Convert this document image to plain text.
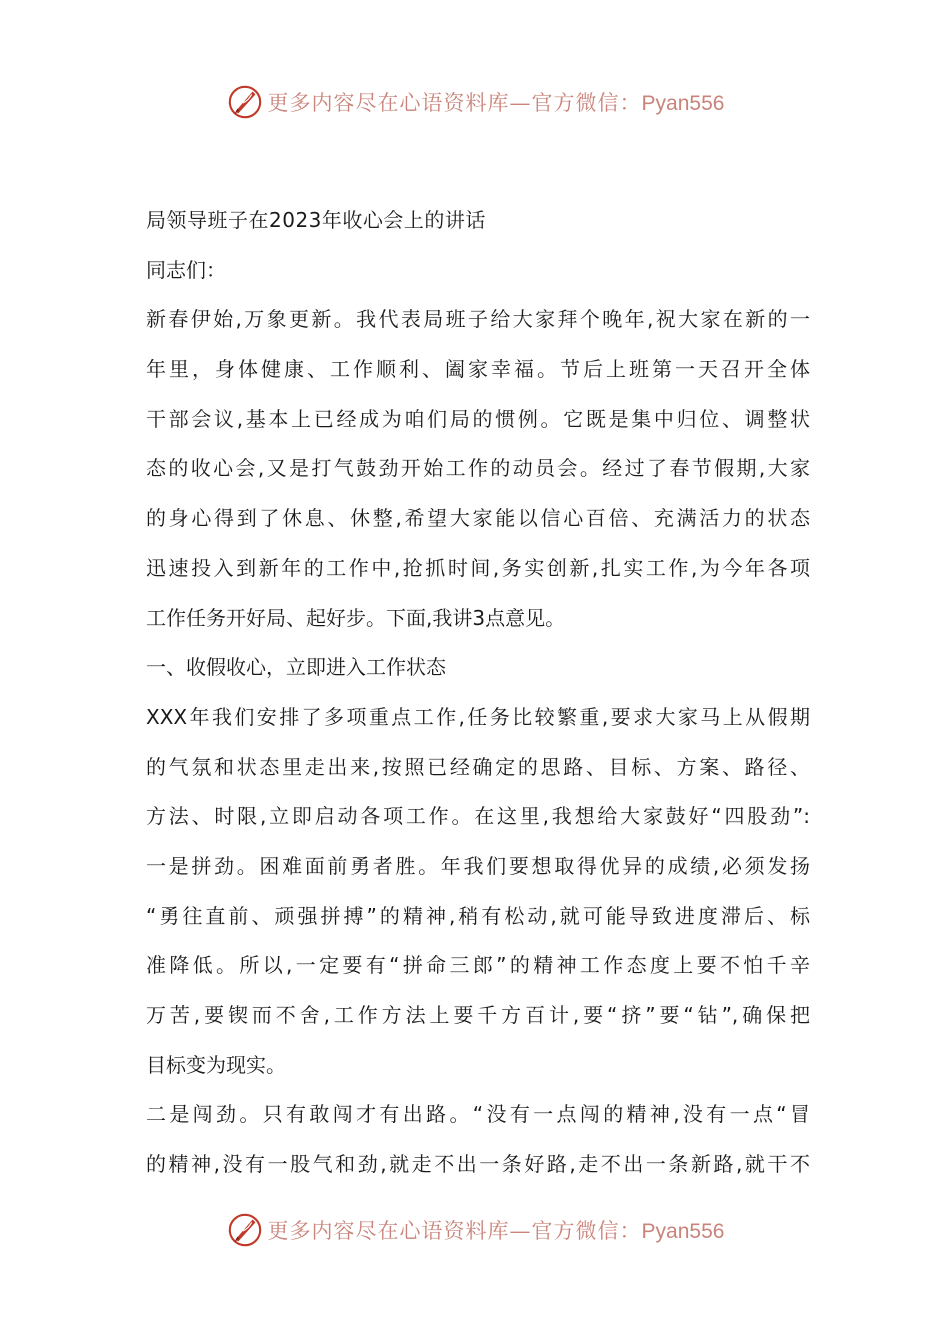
更多内容尽在心语资料库—官方微信：Pyan556
局领导班子在2023年收心会上的讲话
同志们：
新春伊始,万象更新。我代表局班子给大家拜个晚年,祝大家在新的一
年里，身体健康、工作顺利、阖家幸福。节后上班第一天召开全体
干部会议,基本上已经成为咱们局的惯例。它既是集中归位、调整状
态的收心会,又是打气鼓劲开始工作的动员会。经过了春节假期,大家
的身心得到了休息、休整,希望大家能以信心百倍、充满活力的状态
迅速投入到新年的工作中,抢抓时间,务实创新,扎实工作,为今年各项
工作任务开好局、起好步。下面,我讲3点意见。
一、收假收心，立即进入工作状态
XXX年我们安排了多项重点工作,任务比较繁重,要求大家马上从假期
的气氛和状态里走出来,按照已经确定的思路、目标、方案、路径、
方法、时限,立即启动各项工作。在这里,我想给大家鼓好“四股劲”:
一是拼劲。困难面前勇者胜。年我们要想取得优异的成绩,必须发扬
“勇往直前、顽强拼搏”的精神,稍有松动,就可能导致进度滞后、标
准降低。所以,一定要有“拼命三郎”的精神工作态度上要不怕千辛
万苦,要锲而不舍,工作方法上要千方百计,要“挤”要“钻”,确保把
目标变为现实。
二是闯劲。只有敢闯才有出路。“没有一点闯的精神,没有一点“冒
的精神,没有一股气和劲,就走不出一条好路,走不出一条新路,就干不
更多内容尽在心语资料库—官方微信：Pyan556
